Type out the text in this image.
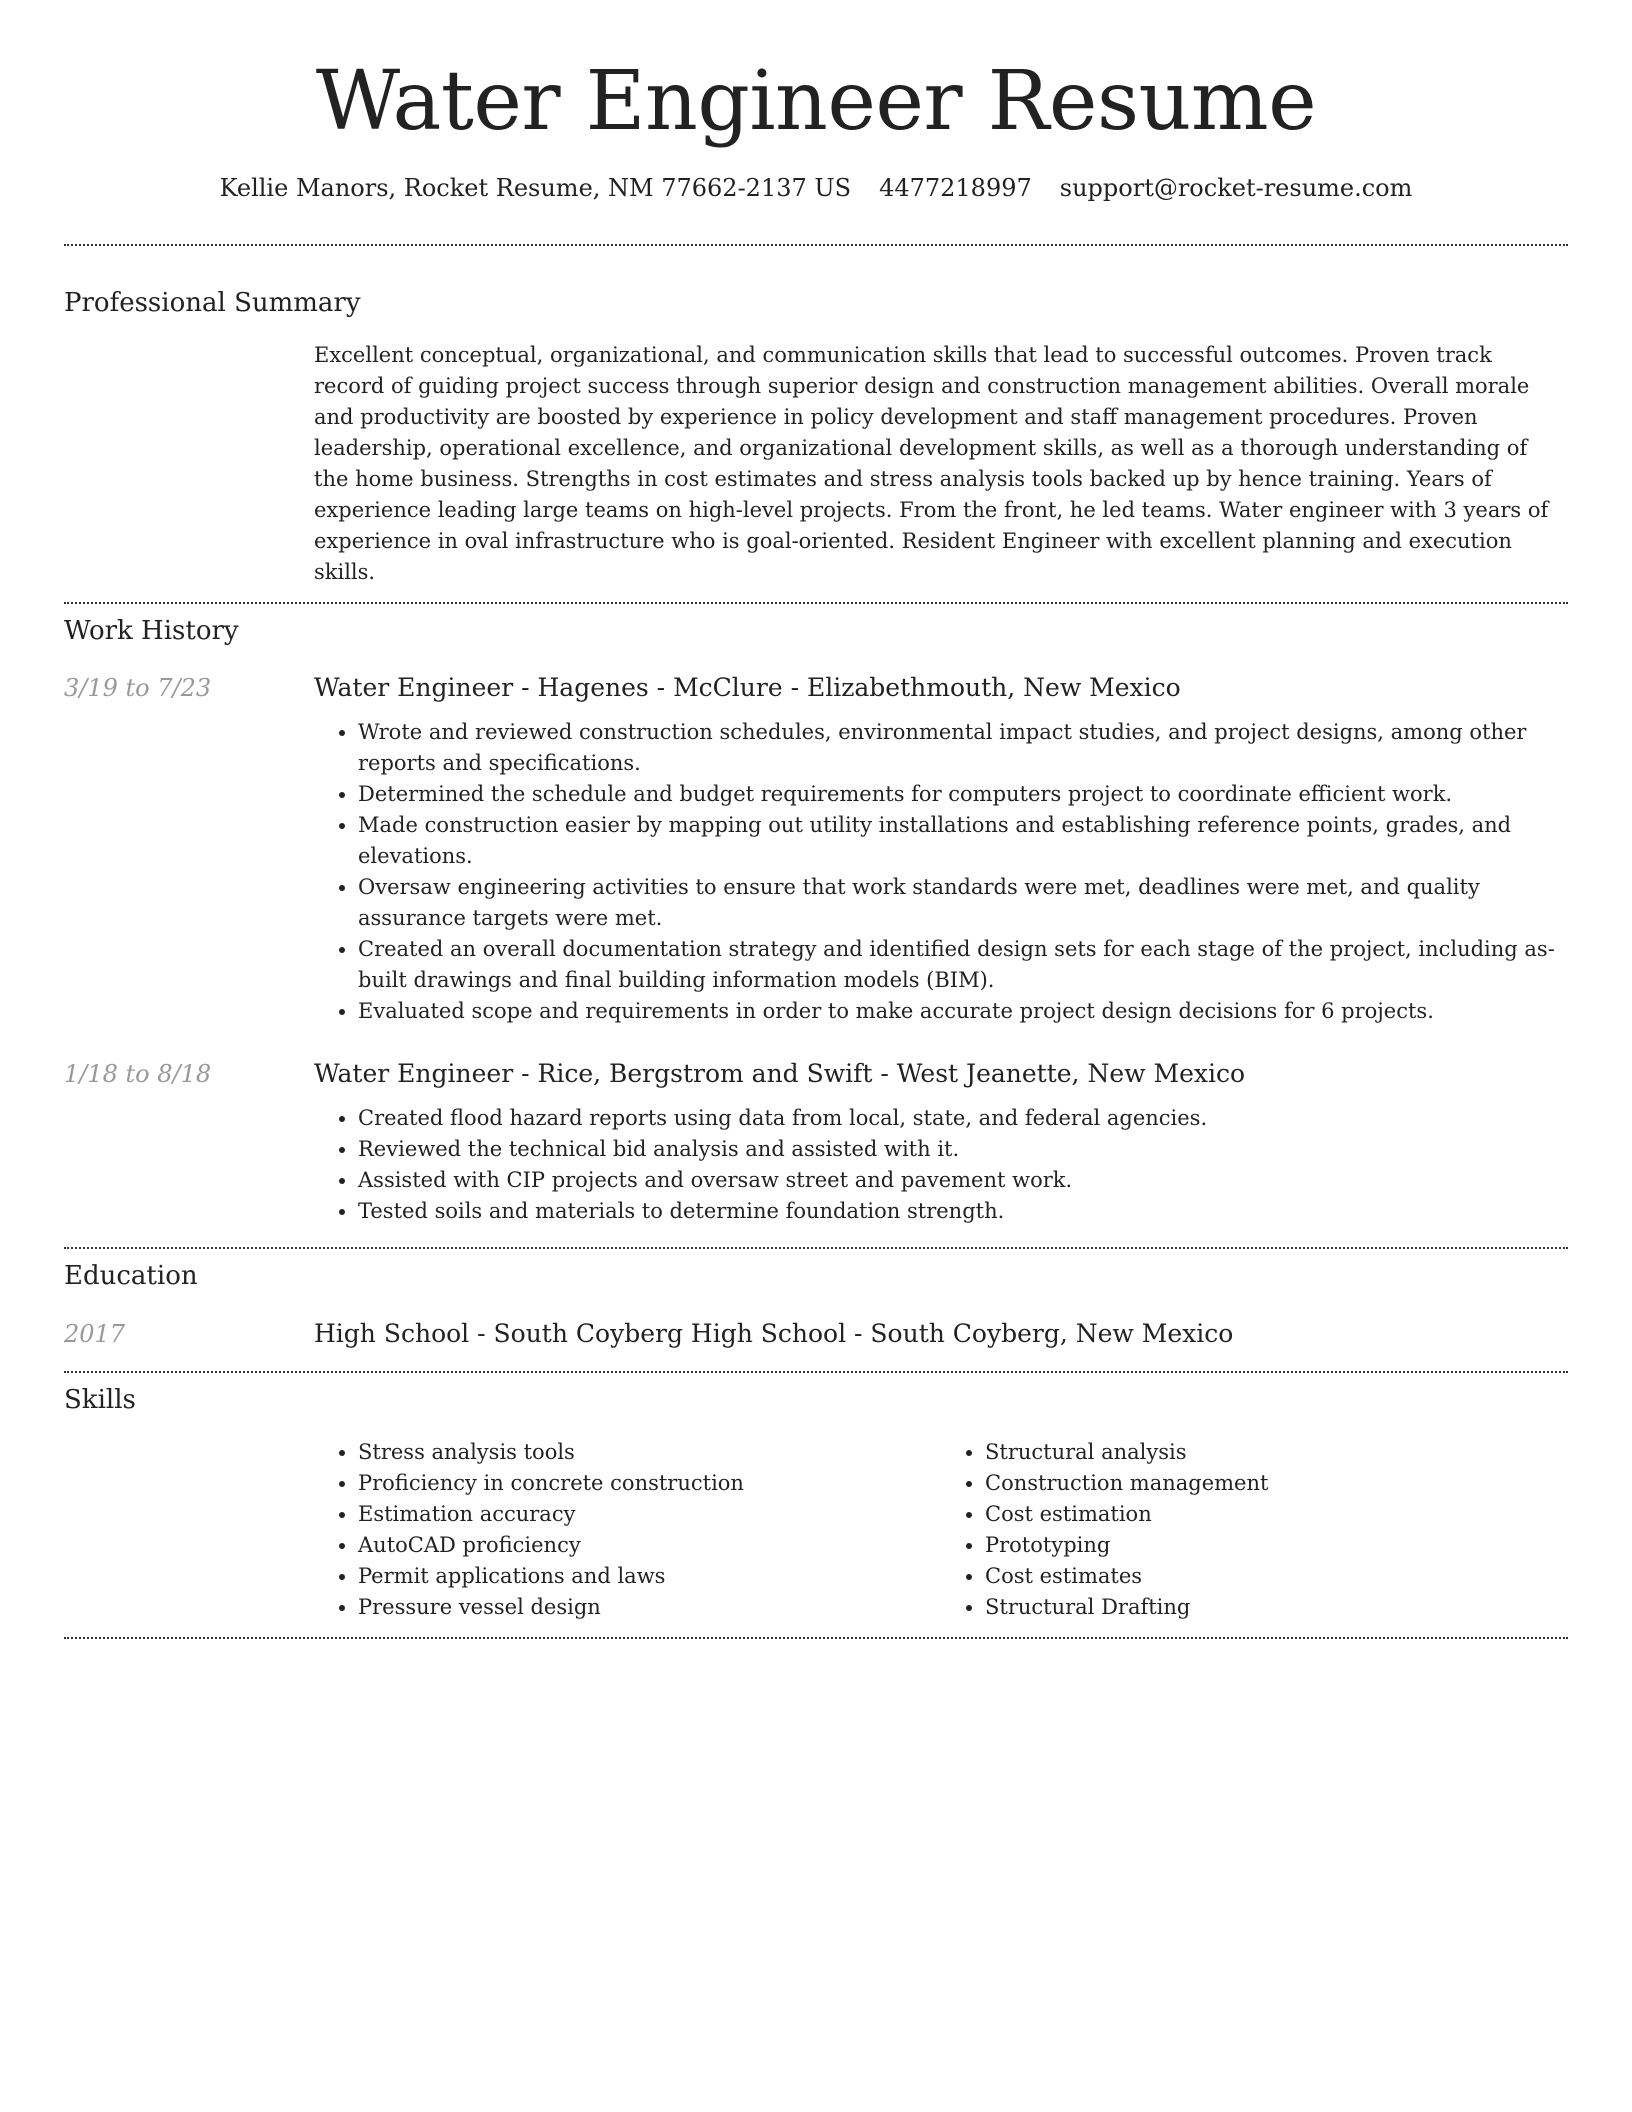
Water Engineer Resume
Kellie Manors, Rocket Resume, NM 77662-2137 US 4477218997 support@rocket-resume.com
Professional Summary
Excellent conceptual, organizational, and communication skills that lead to successful outcomes. Proven track record of guiding project success through superior design and construction management abilities. Overall morale and productivity are boosted by experience in policy development and staff management procedures. Proven leadership, operational excellence, and organizational development skills, as well as a thorough understanding of the home business. Strengths in cost estimates and stress analysis tools backed up by hence training. Years of experience leading large teams on high-level projects. From the front, he led teams. Water engineer with 3 years of experience in oval infrastructure who is goal-oriented. Resident Engineer with excellent planning and execution skills.
Work History
3/19 to 7/23	Water Engineer - Hagenes - McClure - Elizabethmouth, New Mexico
• Wrote and reviewed construction schedules, environmental impact studies, and project designs, among other reports and specifications.
• Determined the schedule and budget requirements for computers project to coordinate efficient work.
• Made construction easier by mapping out utility installations and establishing reference points, grades, and elevations.
• Oversaw engineering activities to ensure that work standards were met, deadlines were met, and quality assurance targets were met.
• Created an overall documentation strategy and identified design sets for each stage of the project, including as-built drawings and final building information models (BIM).
• Evaluated scope and requirements in order to make accurate project design decisions for 6 projects.
1/18 to 8/18	Water Engineer - Rice, Bergstrom and Swift - West Jeanette, New Mexico
• Created flood hazard reports using data from local, state, and federal agencies.
• Reviewed the technical bid analysis and assisted with it.
• Assisted with CIP projects and oversaw street and pavement work.
• Tested soils and materials to determine foundation strength.
Education
2017	High School - South Coyberg High School - South Coyberg, New Mexico
Skills
• Stress analysis tools
• Proficiency in concrete construction
• Estimation accuracy
• AutoCAD proficiency
• Permit applications and laws
• Pressure vessel design
• Structural analysis
• Construction management
• Cost estimation
• Prototyping
• Cost estimates
• Structural Drafting
